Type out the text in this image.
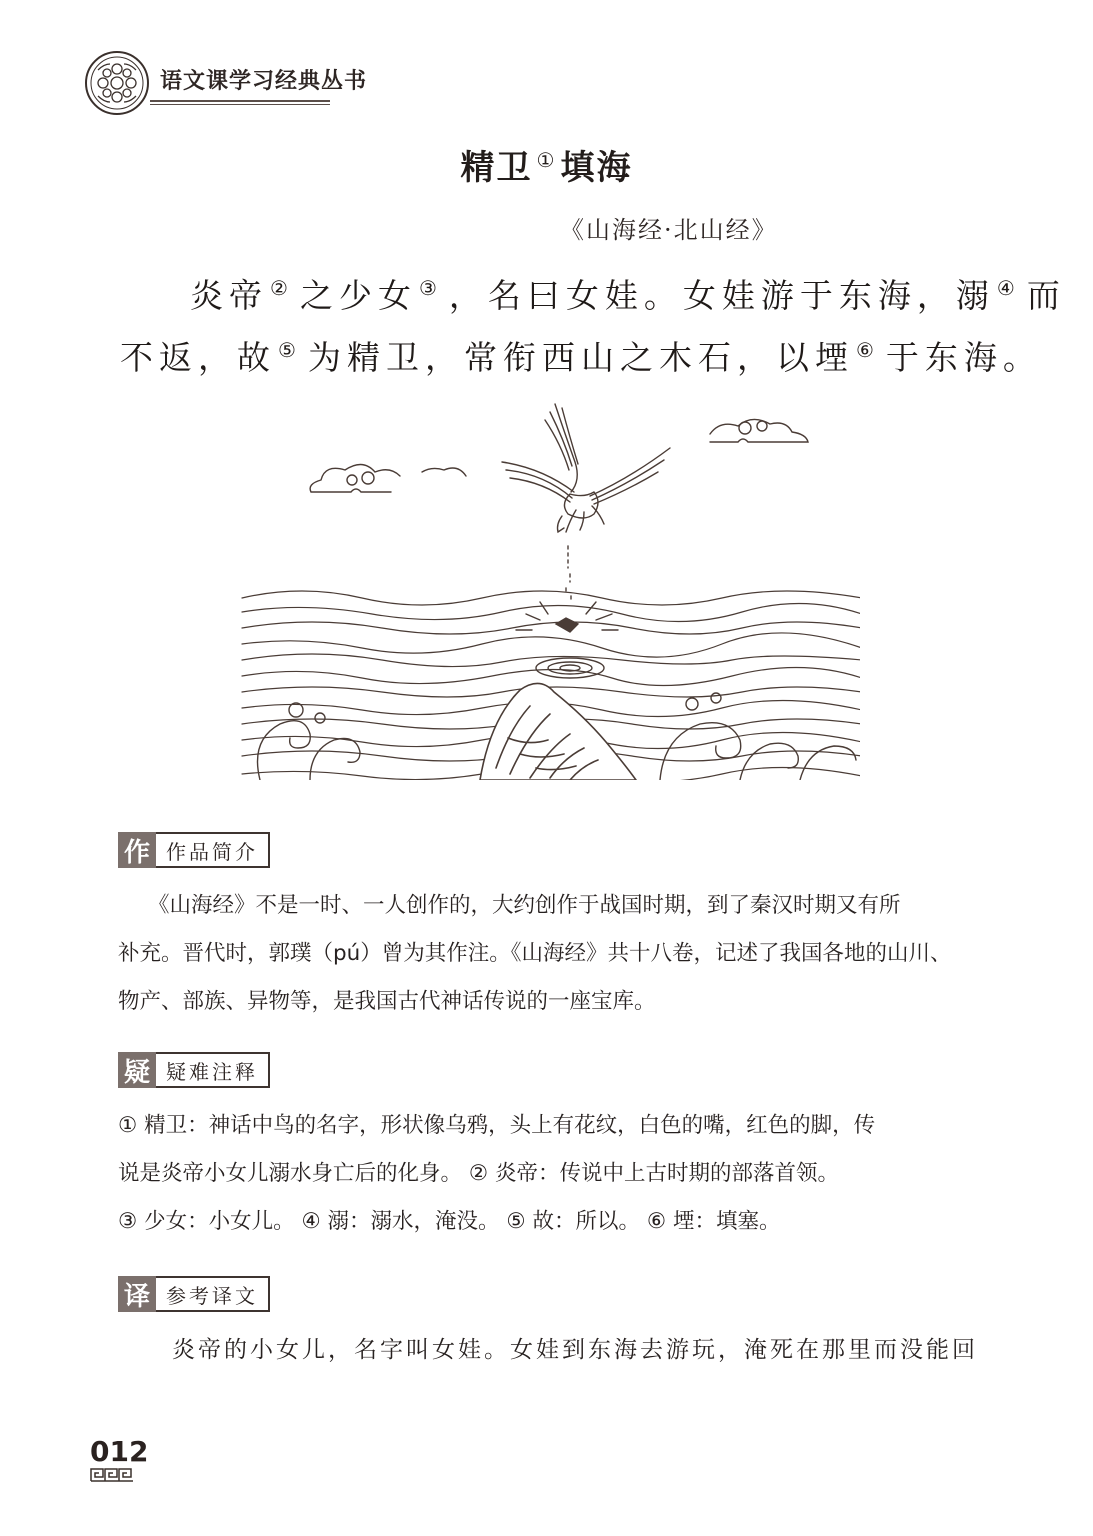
语文课学习经典丛书
精卫 ① 填海
《山海经·北山经》
炎帝 ② 之少女 ③ ，名曰女娃。女娃游于东海，溺 ④ 而
不返，故 ⑤ 为精卫，常衔西山之木石，以堙 ⑥ 于东海。
作 作品简介
《山海经》不是一时、一人创作的，大约创作于战国时期，到了秦汉时期又有所
补充。晋代时，郭璞（pú）曾为其作注。《山海经》共十八卷，记述了我国各地的山川、
物产、部族、异物等，是我国古代神话传说的一座宝库。
疑 疑难注释
① 精卫：神话中鸟的名字，形状像乌鸦，头上有花纹，白色的嘴，红色的脚，传
说是炎帝小女儿溺水身亡后的化身。 ② 炎帝：传说中上古时期的部落首领。
③ 少女：小女儿。 ④ 溺：溺水，淹没。 ⑤ 故：所以。 ⑥ 堙：填塞。
译 参考译文
炎帝的小女儿，名字叫女娃。女娃到东海去游玩，淹死在那里而没能回
012
